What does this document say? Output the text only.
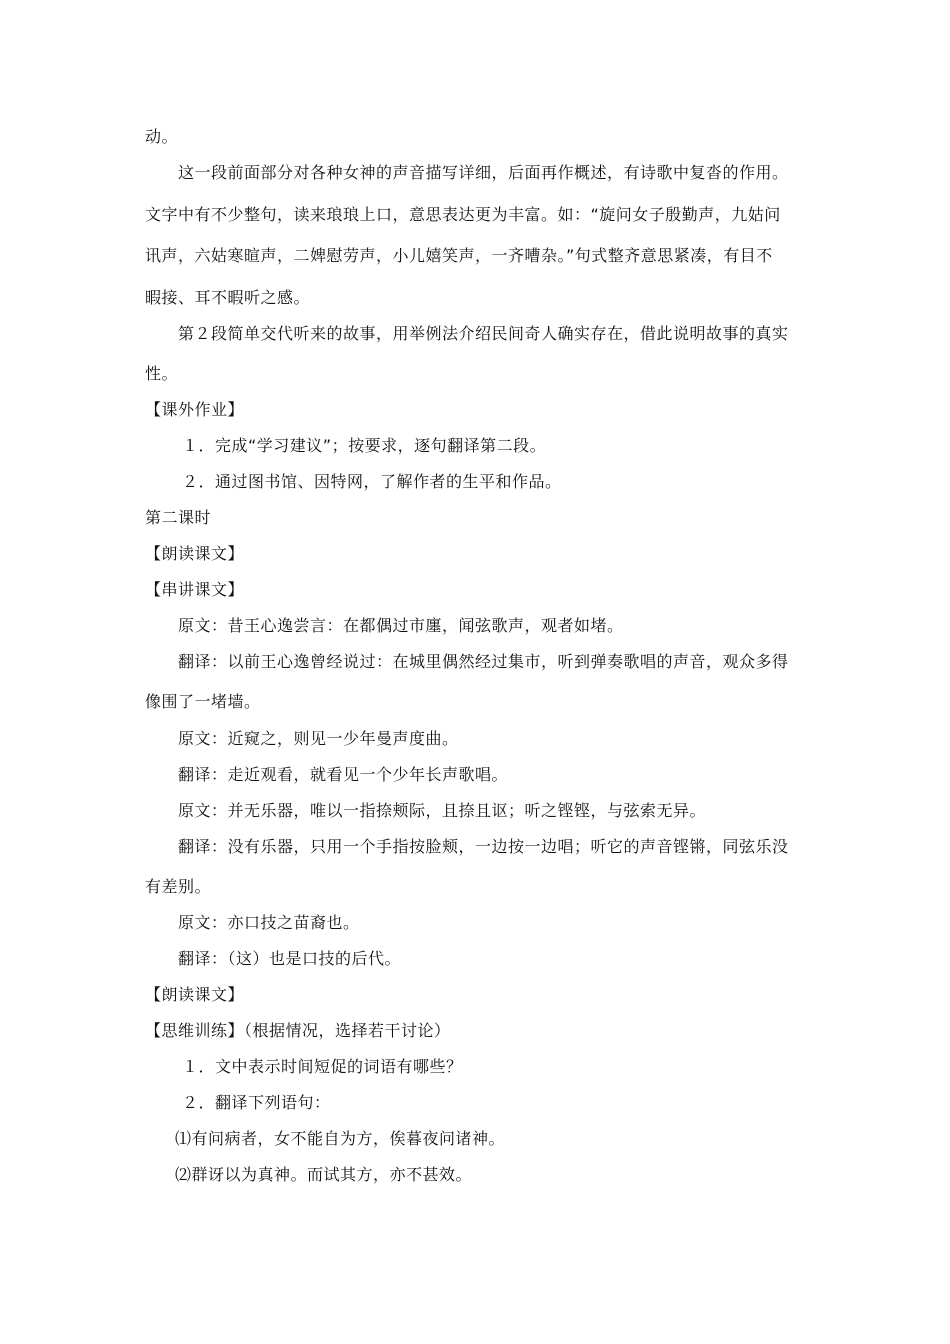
动。
这一段前面部分对各种女神的声音描写详细，后面再作概述，有诗歌中复沓的作用。
文字中有不少整句，读来琅琅上口，意思表达更为丰富。如：“旋问女子殷勤声，九姑问
讯声，六姑寒暄声，二婢慰劳声，小儿嬉笑声，一齐嘈杂。”句式整齐意思紧凑，有目不
暇接、耳不暇听之感。
第２段简单交代听来的故事，用举例法介绍民间奇人确实存在，借此说明故事的真实
性。
【课外作业】
１．完成“学习建议”；按要求，逐句翻译第二段。
２．通过图书馆、因特网，了解作者的生平和作品。
第二课时
【朗读课文】
【串讲课文】
原文：昔王心逸尝言：在都偶过市廛，闻弦歌声，观者如堵。
翻译：以前王心逸曾经说过：在城里偶然经过集市，听到弹奏歌唱的声音，观众多得
像围了一堵墙。
原文：近窥之，则见一少年曼声度曲。
翻译：走近观看，就看见一个少年长声歌唱。
原文：并无乐器，唯以一指捺颊际，且捺且讴；听之铿铿，与弦索无异。
翻译：没有乐器，只用一个手指按脸颊，一边按一边唱；听它的声音铿锵，同弦乐没
有差别。
原文：亦口技之苗裔也。
翻译：（这）也是口技的后代。
【朗读课文】
【思维训练】（根据情况，选择若干讨论）
１．文中表示时间短促的词语有哪些？
２．翻译下列语句：
⑴有问病者，女不能自为方，俟暮夜问诸神。
⑵群讶以为真神。而试其方，亦不甚效。
